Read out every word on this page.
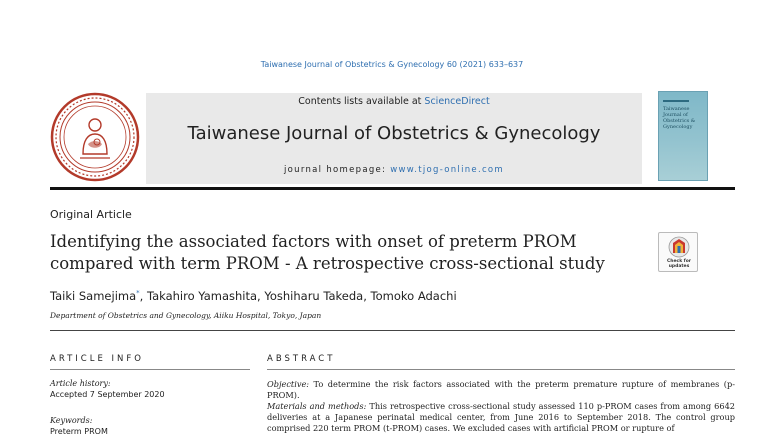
Taiwanese Journal of Obstetrics & Gynecology 60 (2021) 633–637
Contents lists available at ScienceDirect
Taiwanese Journal of Obstetrics & Gynecology
journal homepage: www.tjog-online.com
Taiwanese Journal of Obstetrics & Gynecology
Original Article
Identifying the associated factors with onset of preterm PROM compared with term PROM - A retrospective cross-sectional study	Check for updates
Taiki Samejima*, Takahiro Yamashita, Yoshiharu Takeda, Tomoko Adachi
Department of Obstetrics and Gynecology, Aiiku Hospital, Tokyo, Japan
ARTICLE INFO	ABSTRACT
Article history:
Accepted 7 September 2020
Keywords:
Preterm PROM

Objective: To determine the risk factors associated with the preterm premature rupture of membranes (p-PROM).

Materials and methods: This retrospective cross-sectional study assessed 110 p-PROM cases from among 6642 deliveries at a Japanese perinatal medical center, from June 2016 to September 2018. The control group comprised 220 term PROM (t-PROM) cases. We excluded cases with artificial PROM or rupture of
